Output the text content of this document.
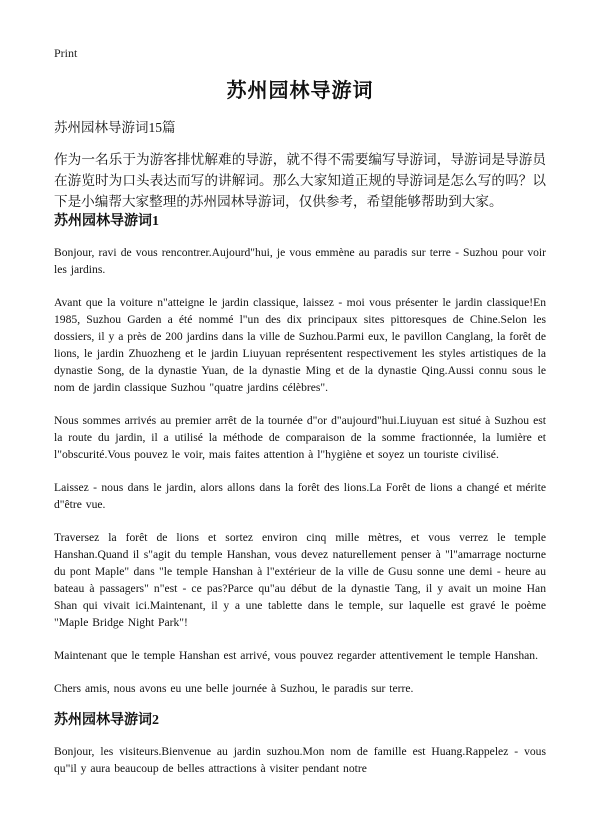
Print
苏州园林导游词
苏州园林导游词15篇

作为一名乐于为游客排忧解难的导游，就不得不需要编写导游词，导游词是导游员在游览时为口头表达而写的讲解词。那么大家知道正规的导游词是怎么写的吗？以下是小编帮大家整理的苏州园林导游词，仅供参考，希望能够帮助到大家。

苏州园林导游词1

Bonjour, ravi de vous rencontrer.Aujourd"hui, je vous emmène au paradis sur terre - Suzhou pour voir les jardins.

Avant que la voiture n"atteigne le jardin classique, laissez - moi vous présenter le jardin classique!En 1985, Suzhou Garden a été nommé l"un des dix principaux sites pittoresques de Chine.Selon les dossiers, il y a près de 200 jardins dans la ville de Suzhou.Parmi eux, le pavillon Canglang, la forêt de lions, le jardin Zhuozheng et le jardin Liuyuan représentent respectivement les styles artistiques de la dynastie Song, de la dynastie Yuan, de la dynastie Ming et de la dynastie Qing.Aussi connu sous le nom de jardin classique Suzhou "quatre jardins célèbres".

Nous sommes arrivés au premier arrêt de la tournée d"or d"aujourd"hui.Liuyuan est situé à Suzhou est la route du jardin, il a utilisé la méthode de comparaison de la somme fractionnée, la lumière et l"obscurité.Vous pouvez le voir, mais faites attention à l"hygiène et soyez un touriste civilisé.

Laissez - nous dans le jardin, alors allons dans la forêt des lions.La Forêt de lions a changé et mérite d"être vue.

Traversez la forêt de lions et sortez environ cinq mille mètres, et vous verrez le temple Hanshan.Quand il s"agit du temple Hanshan, vous devez naturellement penser à "l"amarrage nocturne du pont Maple" dans "le temple Hanshan à l"extérieur de la ville de Gusu sonne une demi - heure au bateau à passagers" n"est - ce pas?Parce qu"au début de la dynastie Tang, il y avait un moine Han Shan qui vivait ici.Maintenant, il y a une tablette dans le temple, sur laquelle est gravé le poème "Maple Bridge Night Park"!

Maintenant que le temple Hanshan est arrivé, vous pouvez regarder attentivement le temple Hanshan.

Chers amis, nous avons eu une belle journée à Suzhou, le paradis sur terre.

苏州园林导游词2

Bonjour, les visiteurs.Bienvenue au jardin suzhou.Mon nom de famille est Huang.Rappelez - vous qu"il y aura beaucoup de belles attractions à visiter pendant notre
